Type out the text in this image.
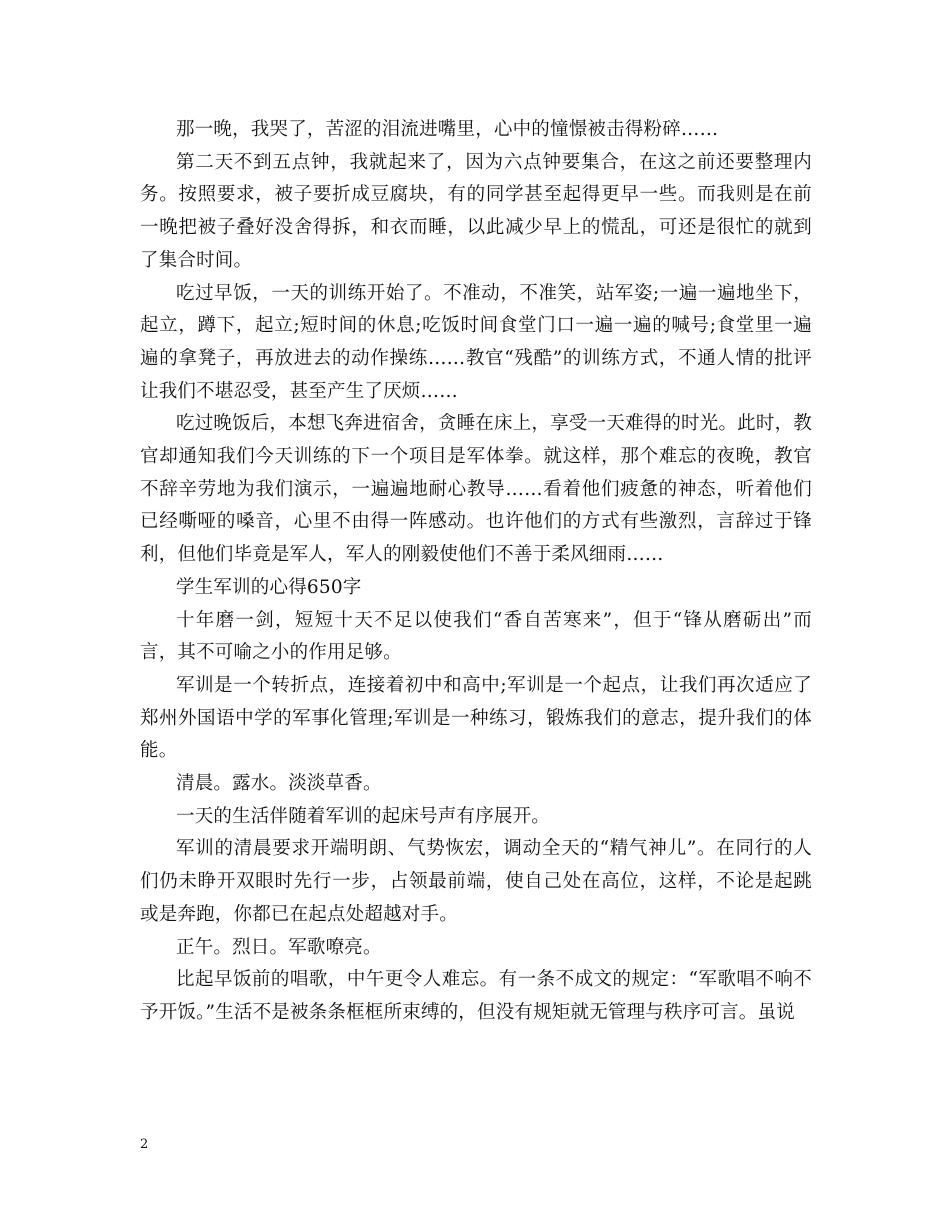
那一晚，我哭了，苦涩的泪流进嘴里，心中的憧憬被击得粉碎……

第二天不到五点钟，我就起来了，因为六点钟要集合，在这之前还要整理内务。按照要求，被子要折成豆腐块，有的同学甚至起得更早一些。而我则是在前一晚把被子叠好没舍得拆，和衣而睡，以此减少早上的慌乱，可还是很忙的就到了集合时间。

吃过早饭，一天的训练开始了。不准动，不准笑，站军姿;一遍一遍地坐下，起立，蹲下，起立;短时间的休息;吃饭时间食堂门口一遍一遍的喊号;食堂里一遍遍的拿凳子，再放进去的动作操练……教官“残酷”的训练方式，不通人情的批评让我们不堪忍受，甚至产生了厌烦……

吃过晚饭后，本想飞奔进宿舍，贪睡在床上，享受一天难得的时光。此时，教官却通知我们今天训练的下一个项目是军体拳。就这样，那个难忘的夜晚，教官不辞辛劳地为我们演示，一遍遍地耐心教导……看着他们疲惫的神态，听着他们已经嘶哑的嗓音，心里不由得一阵感动。也许他们的方式有些激烈，言辞过于锋利，但他们毕竟是军人，军人的刚毅使他们不善于柔风细雨……

学生军训的心得650字

十年磨一剑，短短十天不足以使我们“香自苦寒来”，但于“锋从磨砺出”而言，其不可喻之小的作用足够。

军训是一个转折点，连接着初中和高中;军训是一个起点，让我们再次适应了郑州外国语中学的军事化管理;军训是一种练习，锻炼我们的意志，提升我们的体能。

清晨。露水。淡淡草香。

一天的生活伴随着军训的起床号声有序展开。

军训的清晨要求开端明朗、气势恢宏，调动全天的“精气神儿”。在同行的人们仍未睁开双眼时先行一步，占领最前端，使自己处在高位，这样，不论是起跳或是奔跑，你都已在起点处超越对手。

正午。烈日。军歌嘹亮。

比起早饭前的唱歌，中午更令人难忘。有一条不成文的规定：“军歌唱不响不予开饭。”生活不是被条条框框所束缚的，但没有规矩就无管理与秩序可言。虽说

2
